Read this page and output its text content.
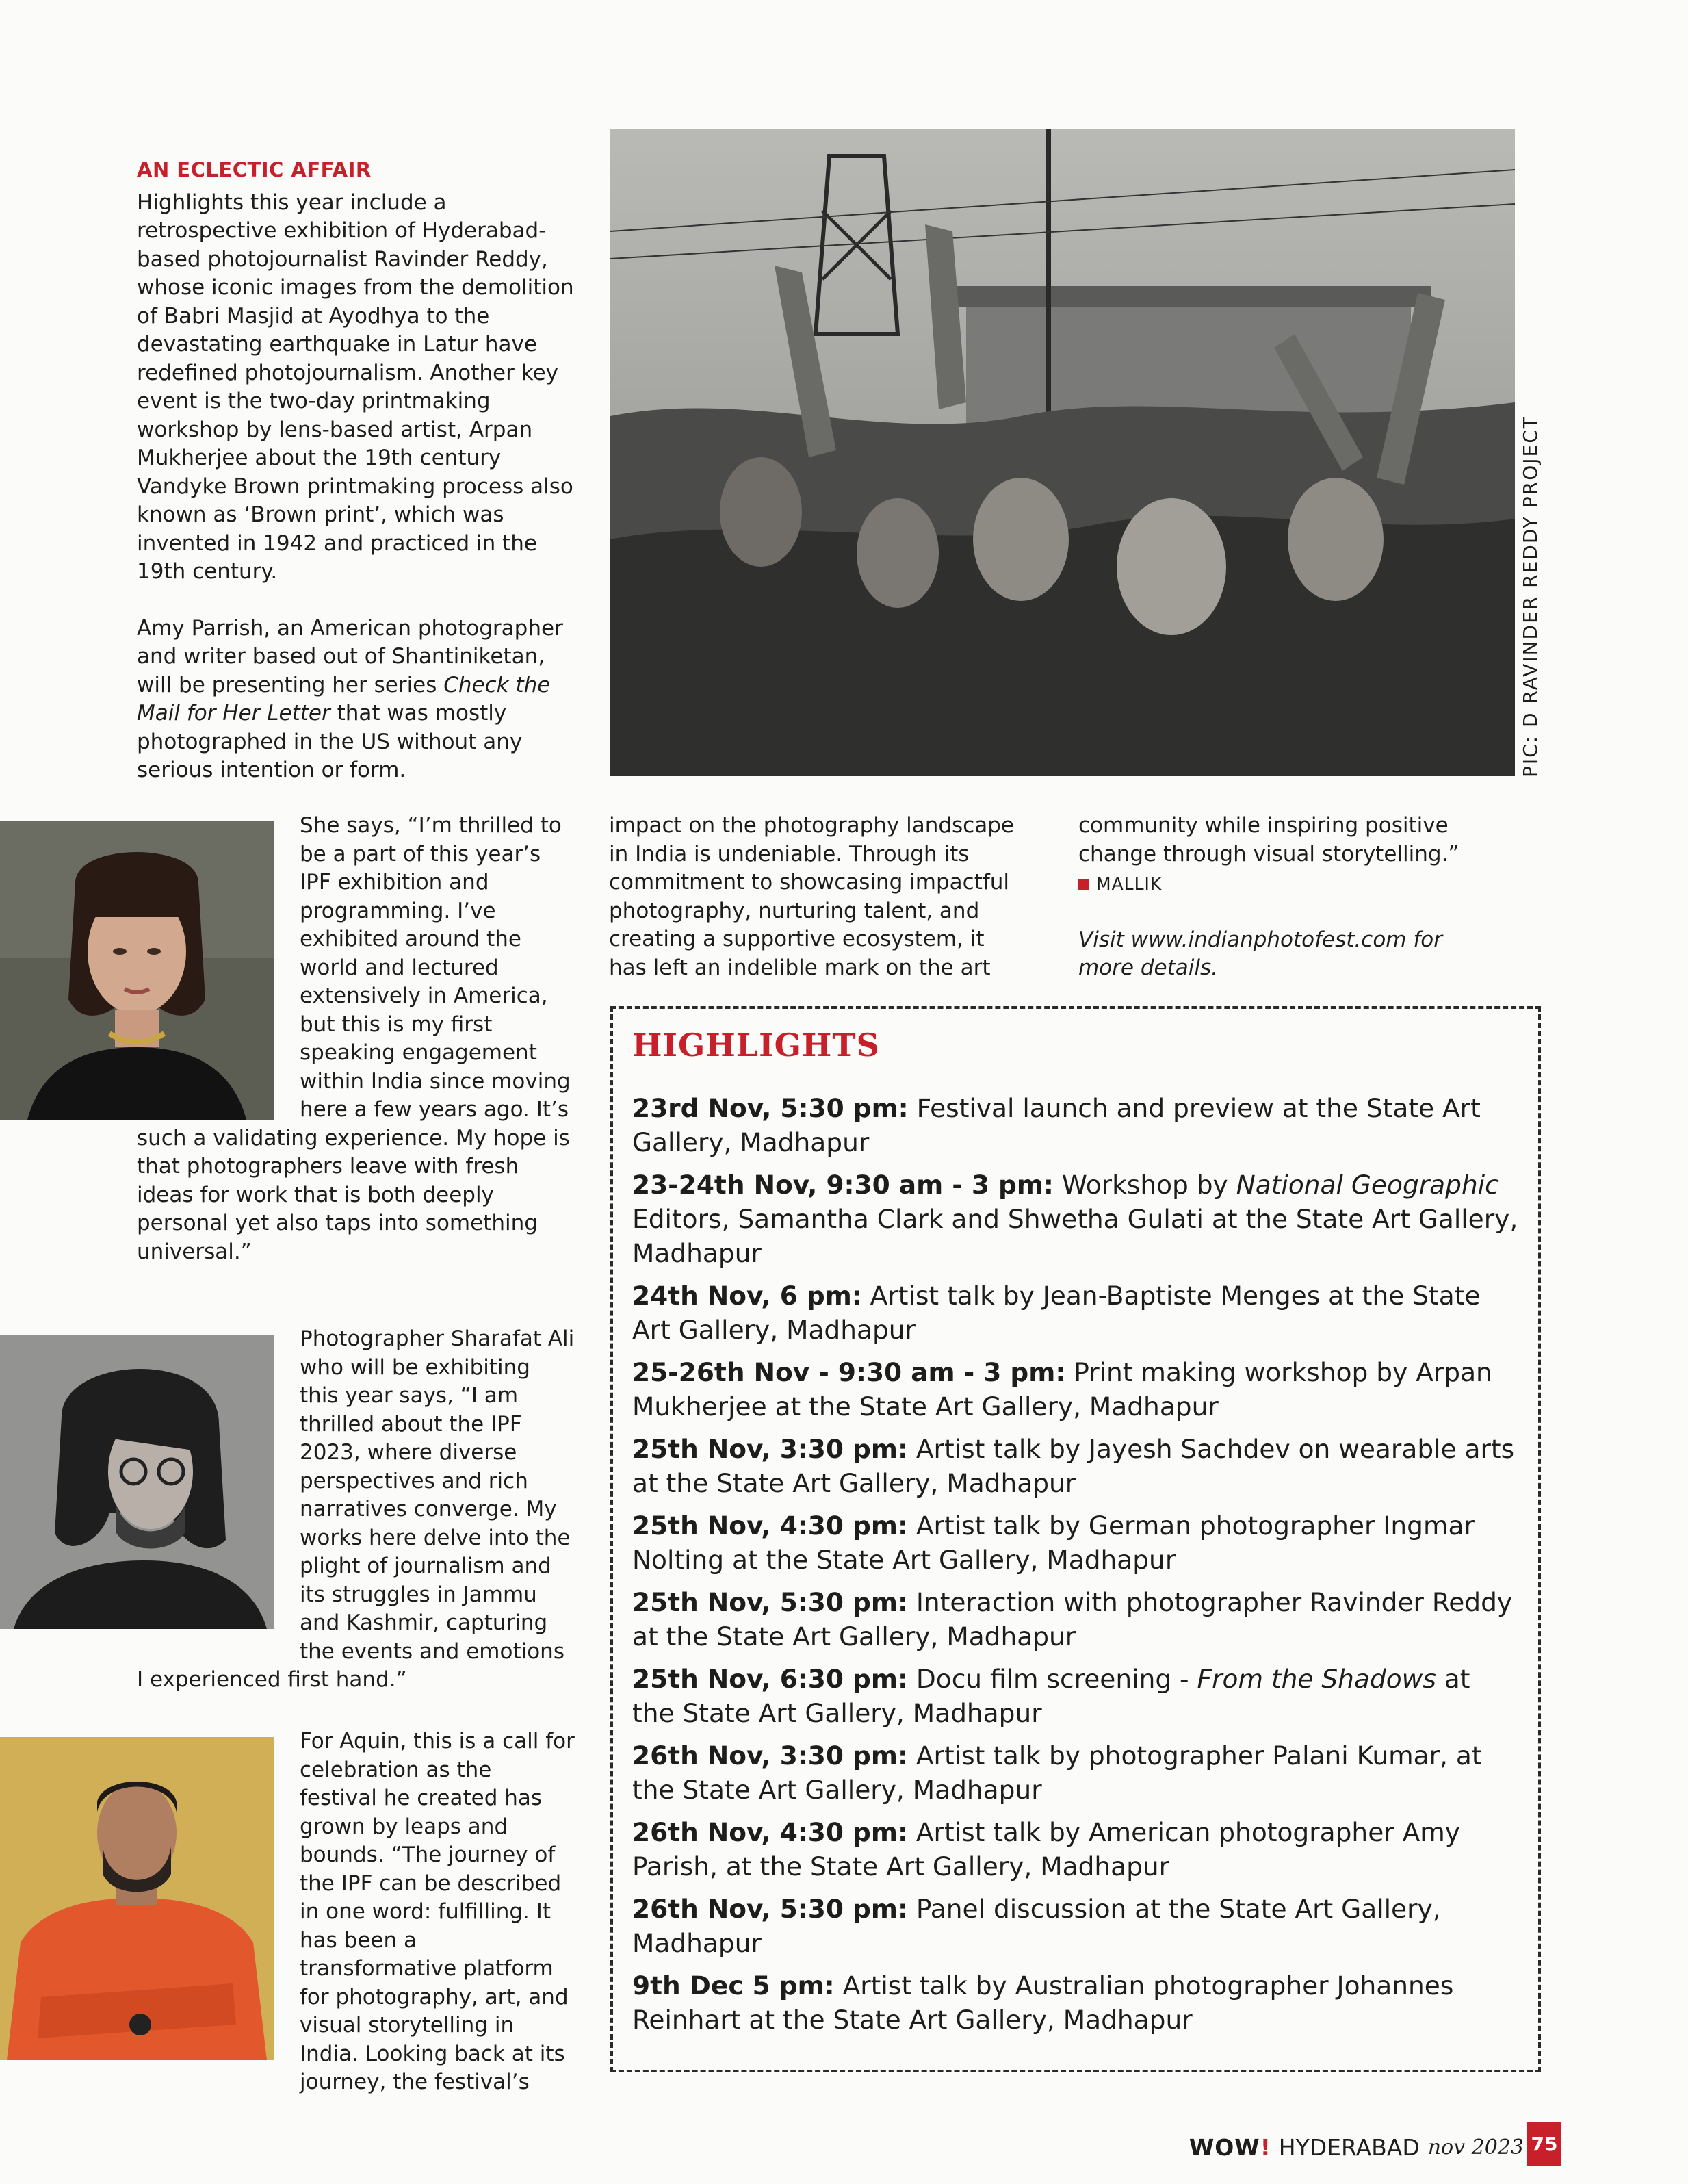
AN ECLECTIC AFFAIR

Highlights this year include a retrospective exhibition of Hyderabad-based photojournalist Ravinder Reddy, whose iconic images from the demolition of Babri Masjid at Ayodhya to the devastating earthquake in Latur have redefined photojournalism. Another key event is the two-day printmaking workshop by lens-based artist, Arpan Mukherjee about the 19th century Vandyke Brown printmaking process also known as ‘Brown print’, which was invented in 1942 and practiced in the 19th century.

Amy Parrish, an American photographer and writer based out of Shantiniketan, will be presenting her series Check the Mail for Her Letter that was mostly photographed in the US without any serious intention or form.

She says, “I’m thrilled to be a part of this year’s IPF exhibition and programming. I’ve exhibited around the world and lectured extensively in America, but this is my first speaking engagement within India since moving here a few years ago. It’s such a validating experience. My hope is that photographers leave with fresh ideas for work that is both deeply personal yet also taps into something universal.”

Photographer Sharafat Ali who will be exhibiting this year says, “I am thrilled about the IPF 2023, where diverse perspectives and rich narratives converge. My works here delve into the plight of journalism and its struggles in Jammu and Kashmir, capturing the events and emotions I experienced first hand.”

For Aquin, this is a call for celebration as the festival he created has grown by leaps and bounds. “The journey of the IPF can be described in one word: fulfilling. It has been a transformative platform for photography, art, and visual storytelling in India. Looking back at its journey, the festival’s

PIC: D RAVINDER REDDY PROJECT

impact on the photography landscape in India is undeniable. Through its commitment to showcasing impactful photography, nurturing talent, and creating a supportive ecosystem, it has left an indelible mark on the art

community while inspiring positive change through visual storytelling.”

MALLIK

Visit www.indianphotofest.com for more details.

HIGHLIGHTS
23rd Nov, 5:30 pm: Festival launch and preview at the State Art Gallery, Madhapur
23-24th Nov, 9:30 am - 3 pm: Workshop by National Geographic Editors, Samantha Clark and Shwetha Gulati at the State Art Gallery, Madhapur
24th Nov, 6 pm: Artist talk by Jean-Baptiste Menges at the State Art Gallery, Madhapur
25-26th Nov - 9:30 am - 3 pm: Print making workshop by Arpan Mukherjee at the State Art Gallery, Madhapur
25th Nov, 3:30 pm: Artist talk by Jayesh Sachdev on wearable arts at the State Art Gallery, Madhapur
25th Nov, 4:30 pm: Artist talk by German photographer Ingmar Nolting at the State Art Gallery, Madhapur
25th Nov, 5:30 pm: Interaction with photographer Ravinder Reddy at the State Art Gallery, Madhapur
25th Nov, 6:30 pm: Docu film screening - From the Shadows at the State Art Gallery, Madhapur
26th Nov, 3:30 pm: Artist talk by photographer Palani Kumar, at the State Art Gallery, Madhapur
26th Nov, 4:30 pm: Artist talk by American photographer Amy Parish, at the State Art Gallery, Madhapur
26th Nov, 5:30 pm: Panel discussion at the State Art Gallery, Madhapur
9th Dec 5 pm: Artist talk by Australian photographer Johannes Reinhart at the State Art Gallery, Madhapur
WOW! HYDERABAD nov 2023 75
